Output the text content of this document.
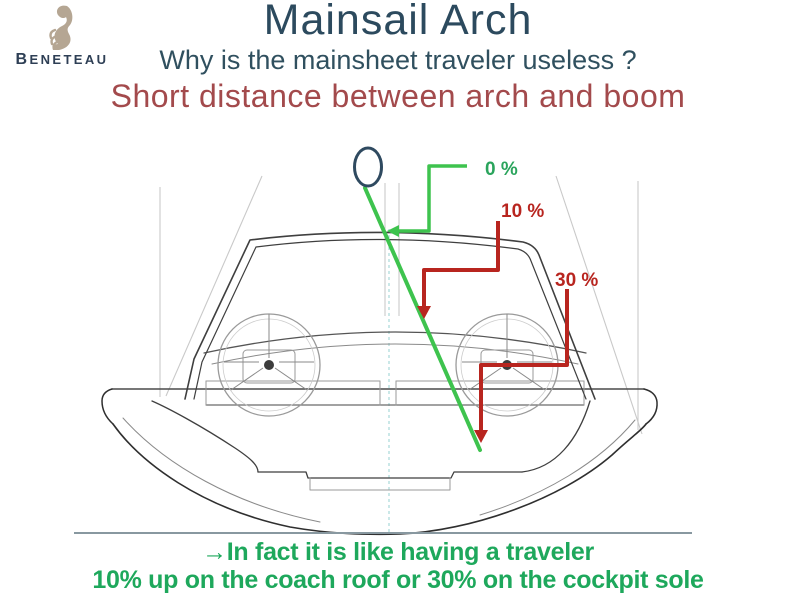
0 %
10 %
30 %
BENETEAU
Mainsail Arch
Why is the mainsheet traveler useless ?
Short distance between arch and boom
→In fact it is like having a traveler
10% up on the coach roof or 30% on the cockpit sole
